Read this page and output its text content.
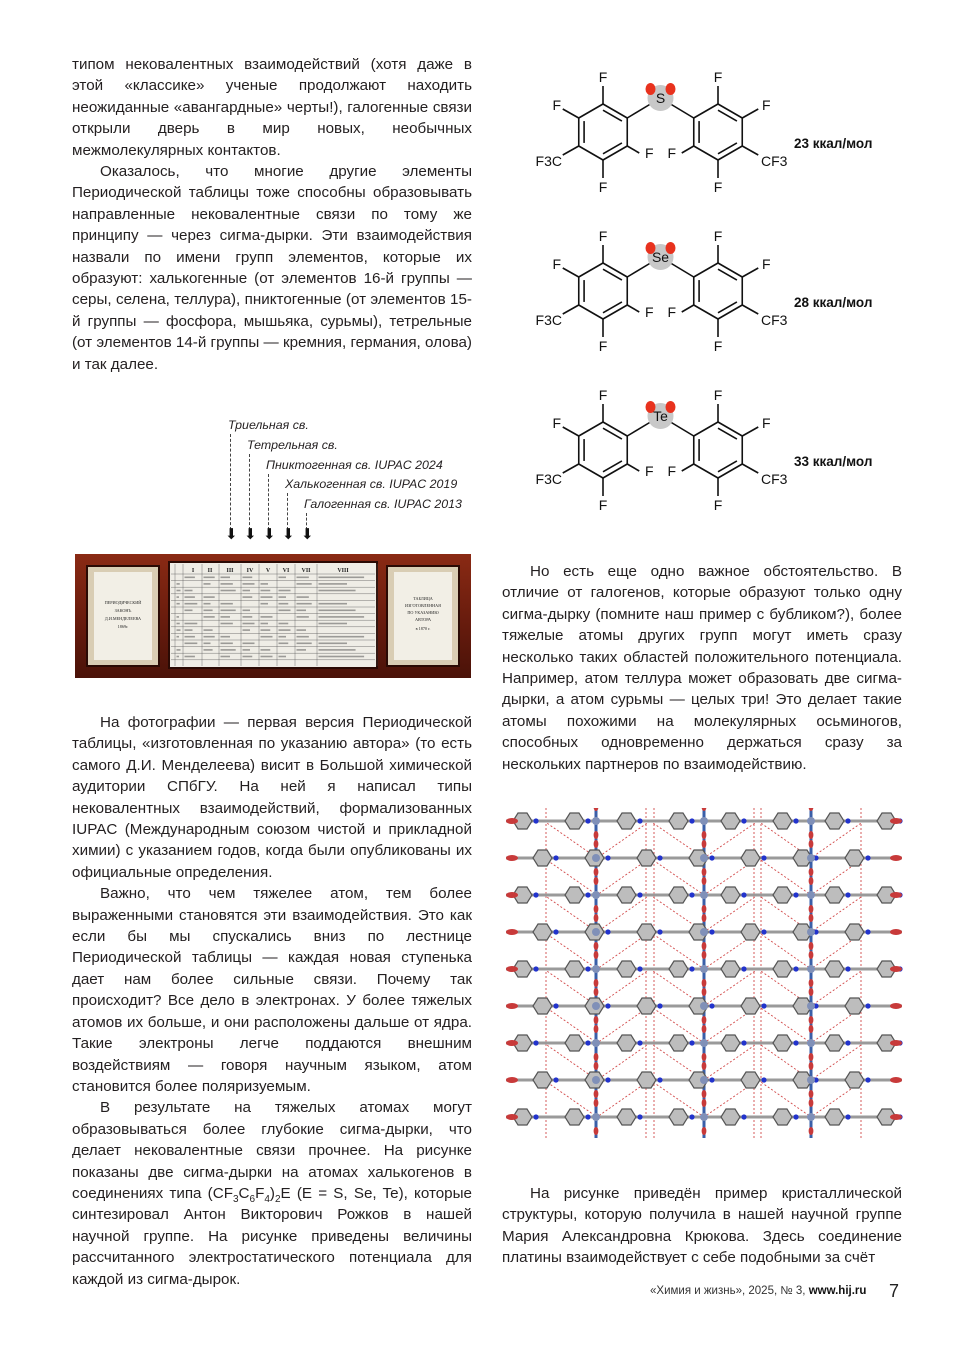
типом нековалентных взаимодействий (хотя даже в этой «классике» ученые продолжают находить неожиданные «авангардные» черты!), галогенные связи открыли дверь в мир новых, необычных межмолекулярных контактов.

Оказалось, что многие другие элементы Периодической таблицы тоже способны образовывать направленные нековалентные связи по тому же принципу — через сигма-дырки. Эти взаимодействия назвали по имени групп элементов, которые их образуют: халькогенные (от элементов 16-й группы — серы, селена, теллура), пниктогенные (от элементов 15-й группы — фосфора, мышьяка, сурьмы), тетрельные (от элементов 14-й группы — кремния, германия, олова) и так далее.

Триельная св.
Тетрельная св.
Пниктогенная св. IUPAC 2024
Халькогенная св. IUPAC 2019
Галогенная св. IUPAC 2013
⬇ ⬇ ⬇ ⬇ ⬇
ПЕРИОДИЧЕСКИЙ
ЗАКОНЪ
Д.И.МЕНДЕЛЕЕВА
1869г.
ТАБЛИЦА
ИЗГОТОВЛЕННАЯ
ПО УКАЗАНИЮ
АВТОРА
в 1870 г.
I II III IV V VI VII	VIII

На фотографии — первая версия Периодической таблицы, «изготовленная по указанию автора» (то есть самого Д.И. Менделеева) висит в Большой химической аудитории СПбГУ. На ней я написал типы нековалентных взаимодействий, формализованных IUPAC (Международным союзом чистой и прикладной химии) с указанием годов, когда были опубликованы их официальные определения.

Важно, что чем тяжелее атом, тем более выраженными становятся эти взаимодействия. Это как если бы мы спускались вниз по лестнице Периодической таблицы — каждая новая ступенька дает нам более сильные связи. Почему так происходит? Все дело в электронах. У более тяжелых атомов их больше, и они расположены дальше от ядра. Такие электроны легче поддаются внешним воздействиям — говоря научным языком, атом становится более поляризуемым.

В результате на тяжелых атомах могут образовываться более глубокие сигма-дырки, что делает нековалентные связи прочнее. На рисунке показаны две сигма-дырки на атомах халькогенов в соединениях типа $(CF_3C_6F_4)_2E$ (E = S, Se, Te), которые синтезировал Антон Викторович Рожков в нашей научной группе. На рисунке приведены величины рассчитанного электростатического потенциала для каждой из сигма-дырок.

F
F
F3C
F
F
F
F
CF3
F
F
S
23 ккал/мол
F
F
F3C
F
F
F
F
CF3
F
F
Se
28 ккал/мол
F
F
F3C
F
F
F
F
CF3
F
F
Te
33 ккал/мол

Но есть еще одно важное обстоятельство. В отличие от галогенов, которые образуют только одну сигма-дырку (помните наш пример с бубликом?), более тяжелые атомы других групп могут иметь сразу несколько таких областей положительного потенциала. Например, атом теллура может образовать две сигма-дырки, а атом сурьмы — целых три! Это делает такие атомы похожими на молекулярных осьминогов, способных одновременно держаться сразу за нескольких партнеров по взаимодействию.

На рисунке приведён пример кристаллической структуры, которую получила в нашей научной группе Мария Александровна Крюкова. Здесь соединение платины взаимодействует с себе подобными за счёт

«Химия и жизнь», 2025, № 3, www.hij.ru 7
